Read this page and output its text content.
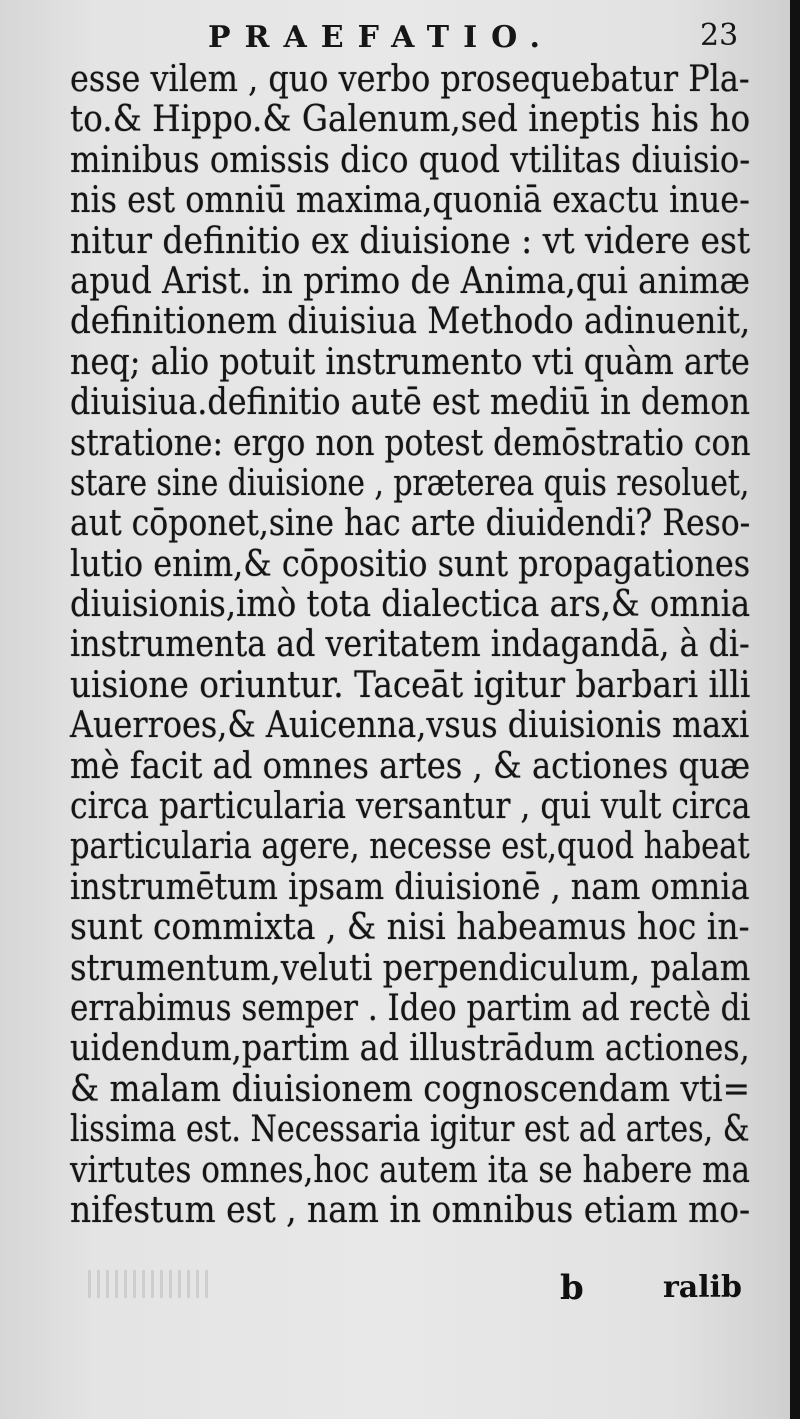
PRAEFATIO.	23
esse vilem , quo verbo prosequebatur Pla-
to.& Hippo.& Galenum,sed ineptis his ho
minibus omissis dico quod vtilitas diuisio-
nis est omniū maxima,quoniā exactu inue-
nitur definitio ex diuisione : vt videre est
apud Arist. in primo de Anima,qui animæ
definitionem diuisiua Methodo adinuenit,
neq; alio potuit instrumento vti quàm arte
diuisiua.definitio autē est mediū in demon
stratione: ergo non potest demōstratio con
stare sine diuisione , præterea quis resoluet,
aut cōponet,sine hac arte diuidendi? Reso-
lutio enim,& cōpositio sunt propagationes
diuisionis,imò tota dialectica ars,& omnia
instrumenta ad veritatem indagandā, à di-
uisione oriuntur. Taceāt igitur barbari illi
Auerroes,& Auicenna,vsus diuisionis maxi
mè facit ad omnes artes , & actiones quæ
circa particularia versantur , qui vult circa
particularia agere, necesse est,quod habeat
instrumētum ipsam diuisionē , nam omnia
sunt commixta , & nisi habeamus hoc in-
strumentum,veluti perpendiculum, palam
errabimus semper . Ideo partim ad rectè di
uidendum,partim ad illustrādum actiones,
& malam diuisionem cognoscendam vti=
lissima est. Necessaria igitur est ad artes, &
virtutes omnes,hoc autem ita se habere ma
nifestum est , nam in omnibus etiam mo-
b	ralib
